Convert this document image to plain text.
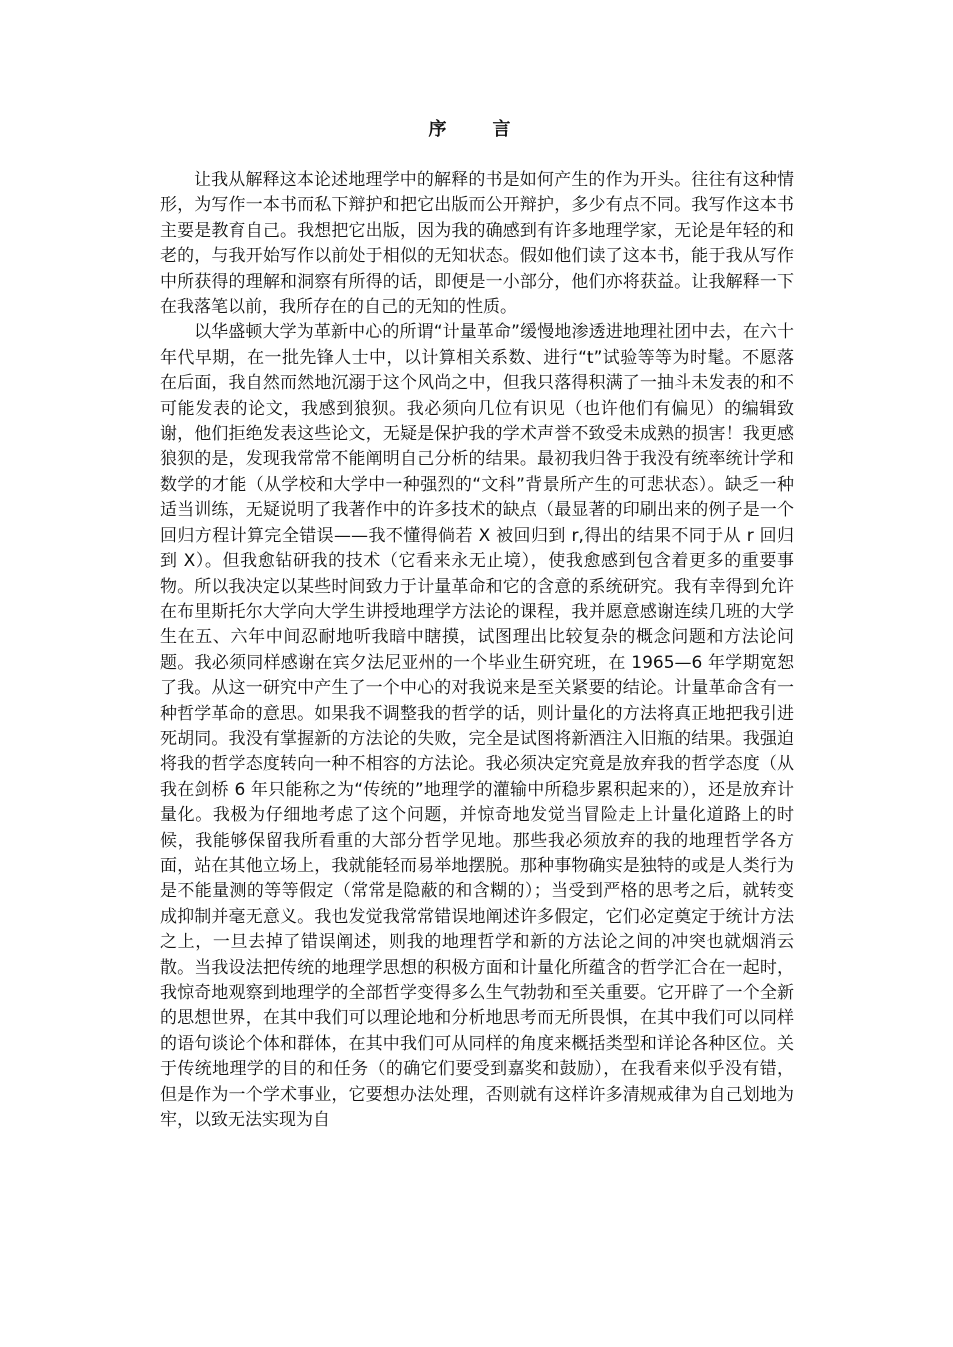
序　言

让我从解释这本论述地理学中的解释的书是如何产生的作为开头。往往有这种情形，为写作一本书而私下辩护和把它出版而公开辩护，多少有点不同。我写作这本书主要是教育自己。我想把它出版，因为我的确感到有许多地理学家，无论是年轻的和老的，与我开始写作以前处于相似的无知状态。假如他们读了这本书，能于我从写作中所获得的理解和洞察有所得的话，即便是一小部分，他们亦将获益。让我解释一下在我落笔以前，我所存在的自己的无知的性质。

以华盛顿大学为革新中心的所谓“计量革命”缓慢地渗透进地理社团中去，在六十年代早期，在一批先锋人士中，以计算相关系数、进行“t”试验等等为时髦。不愿落在后面，我自然而然地沉溺于这个风尚之中，但我只落得积满了一抽斗未发表的和不可能发表的论文，我感到狼狈。我必须向几位有识见（也许他们有偏见）的编辑致谢，他们拒绝发表这些论文，无疑是保护我的学术声誉不致受未成熟的损害！我更感狼狈的是，发现我常常不能阐明自己分析的结果。最初我归咎于我没有统率统计学和数学的才能（从学校和大学中一种强烈的“文科”背景所产生的可悲状态）。缺乏一种适当训练，无疑说明了我著作中的许多技术的缺点（最显著的印刷出来的例子是一个回归方程计算完全错误——我不懂得倘若 X 被回归到 r,得出的结果不同于从 r 回归到 X）。但我愈钻研我的技术（它看来永无止境），使我愈感到包含着更多的重要事物。所以我决定以某些时间致力于计量革命和它的含意的系统研究。我有幸得到允许在布里斯托尔大学向大学生讲授地理学方法论的课程，我并愿意感谢连续几班的大学生在五、六年中间忍耐地听我暗中瞎摸，试图理出比较复杂的概念问题和方法论问题。我必须同样感谢在宾夕法尼亚州的一个毕业生研究班，在 1965—6 年学期宽恕了我。从这一研究中产生了一个中心的对我说来是至关紧要的结论。计量革命含有一种哲学革命的意思。如果我不调整我的哲学的话，则计量化的方法将真正地把我引进死胡同。我没有掌握新的方法论的失败，完全是试图将新酒注入旧瓶的结果。我强迫将我的哲学态度转向一种不相容的方法论。我必须决定究竟是放弃我的哲学态度（从我在剑桥 6 年只能称之为“传统的”地理学的灌输中所稳步累积起来的），还是放弃计量化。我极为仔细地考虑了这个问题，并惊奇地发觉当冒险走上计量化道路上的时候，我能够保留我所看重的大部分哲学见地。那些我必须放弃的我的地理哲学各方面，站在其他立场上，我就能轻而易举地摆脱。那种事物确实是独特的或是人类行为是不能量测的等等假定（常常是隐蔽的和含糊的）；当受到严格的思考之后，就转变成抑制并毫无意义。我也发觉我常常错误地阐述许多假定，它们必定奠定于统计方法之上，一旦去掉了错误阐述，则我的地理哲学和新的方法论之间的冲突也就烟消云散。当我设法把传统的地理学思想的积极方面和计量化所蕴含的哲学汇合在一起时，我惊奇地观察到地理学的全部哲学变得多么生气勃勃和至关重要。它开辟了一个全新 的思想世界，在其中我们可以理论地和分析地思考而无所畏惧，在其中我们可以同样的语句谈论个体和群体，在其中我们可从同样的角度来概括类型和详论各种区位。关于传统地理学的目的和任务（的确它们要受到嘉奖和鼓励），在我看来似乎没有错，但是作为一个学术事业，它要想办法处理，否则就有这样许多清规戒律为自己划地为牢，以致无法实现为自
